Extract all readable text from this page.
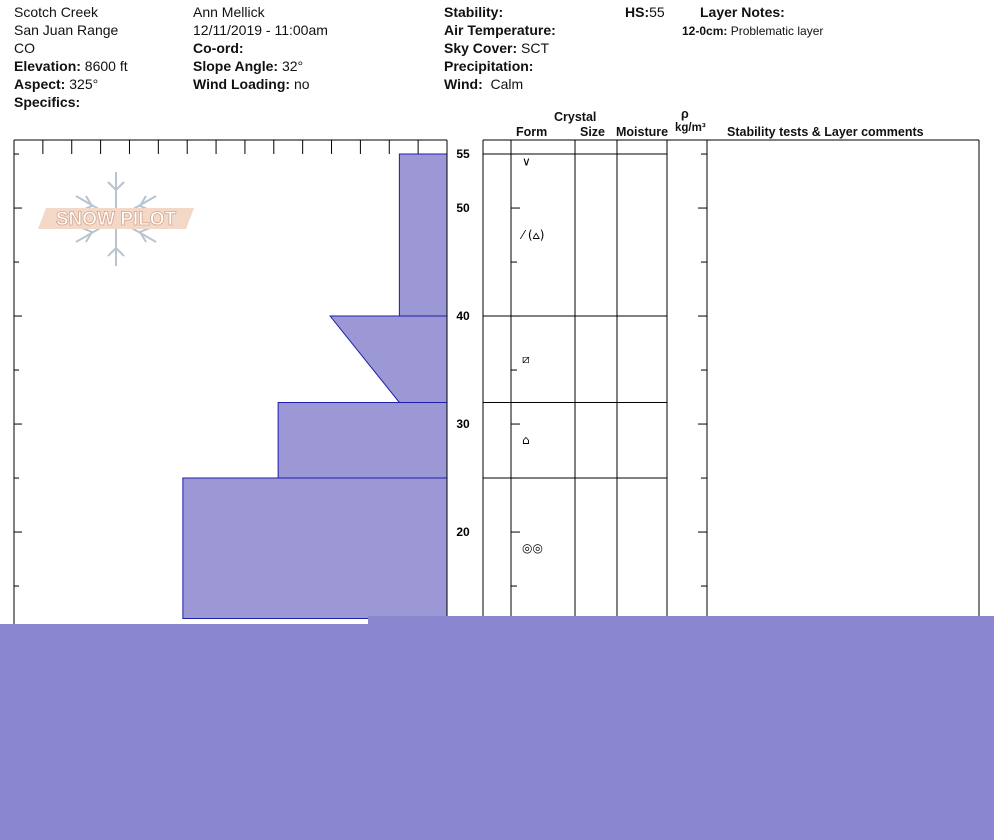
Scotch Creek
San Juan Range
CO
Elevation: 8600 ft
Aspect: 325°
Specifics:
Ann Mellick
12/11/2019 - 11:00am
Co-ord:
Slope Angle: 32°
Wind Loading: no
Stability:
Air Temperature:
Sky Cover: SCT
Precipitation:
Wind: Calm
HS:55	Layer Notes:
12-0cm: Problematic layer
Crystal
Form	Size Moisture
ρ
kg/m³ Stability tests & Layer comments
SNOW PILOT
55
50
40
30
20
∨
⁄ (⩟)
⧄
⌂
◎◎
